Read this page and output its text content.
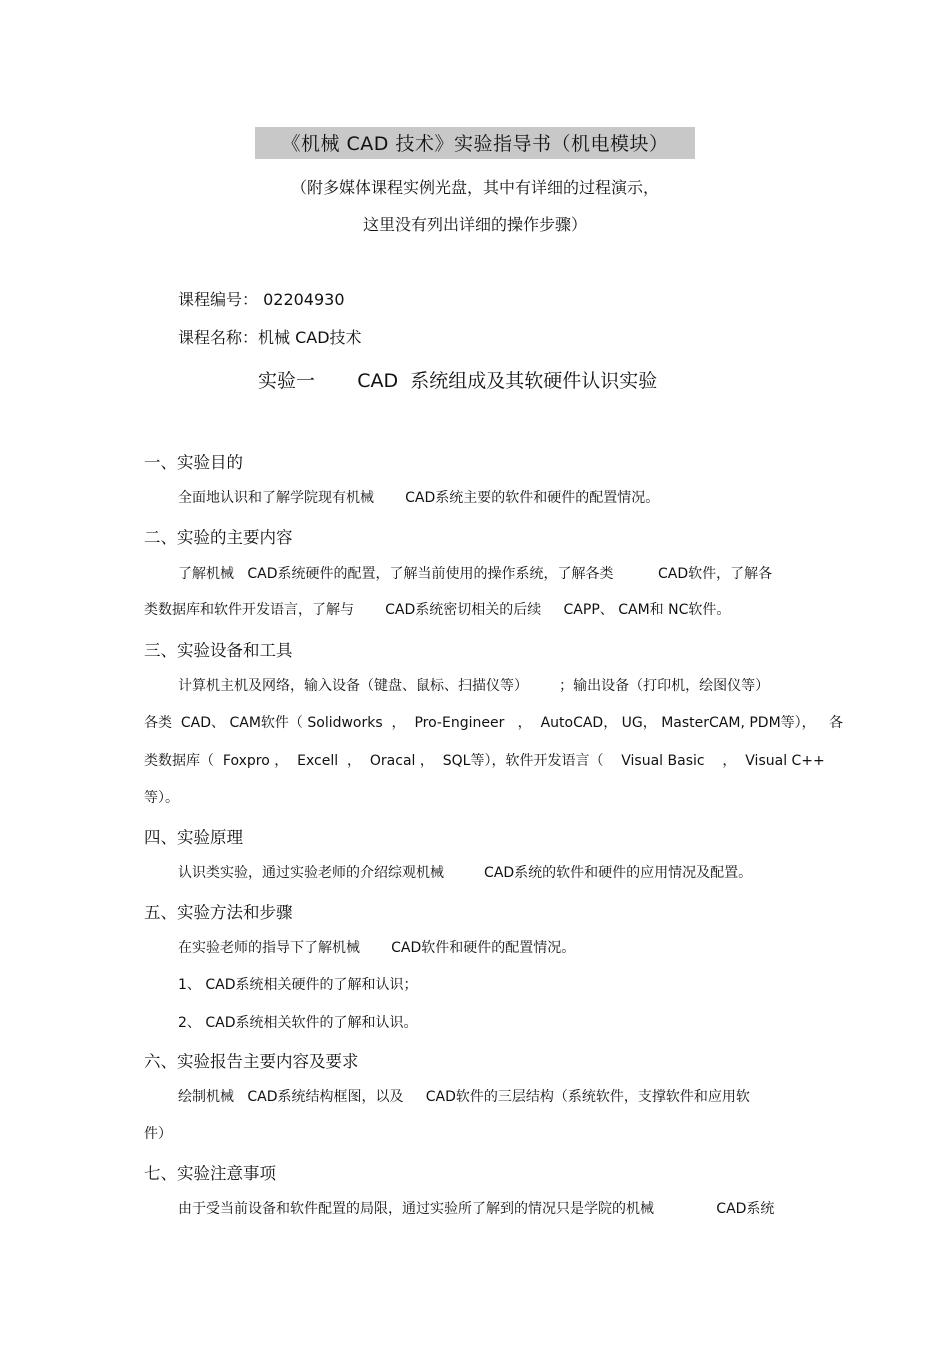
《机械 CAD 技术》实验指导书（机电模块）
（附多媒体课程实例光盘，其中有详细的过程演示，
这里没有列出详细的操作步骤）
课程编号： 02204930
课程名称：机械 CAD技术
实验一       CAD  系统组成及其软硬件认识实验
一、实验目的
全面地认识和了解学院现有机械       CAD系统主要的软件和硬件的配置情况。
二、实验的主要内容
了解机械   CAD系统硬件的配置，了解当前使用的操作系统，了解各类          CAD软件，了解各
类数据库和软件开发语言，了解与       CAD系统密切相关的后续     CAPP、 CAM和 NC软件。
三、实验设备和工具
计算机主机及网络，输入设备（键盘、鼠标、扫描仪等）       ；输出设备（打印机，绘图仪等）
各类  CAD、 CAM软件（ Solidworks  ，  Pro-Engineer   ，  AutoCAD， UG， MasterCAM, PDM等），   各
类数据库（  Foxpro ，  Excell  ，  Oracal ，  SQL等），软件开发语言（    Visual Basic    ，  Visual C++
等）。
四、实验原理
认识类实验，通过实验老师的介绍综观机械         CAD系统的软件和硬件的应用情况及配置。
五、实验方法和步骤
在实验老师的指导下了解机械       CAD软件和硬件的配置情况。
1、 CAD系统相关硬件的了解和认识；
2、 CAD系统相关软件的了解和认识。
六、实验报告主要内容及要求
绘制机械   CAD系统结构框图，以及     CAD软件的三层结构（系统软件，支撑软件和应用软
件）
七、实验注意事项
由于受当前设备和软件配置的局限，通过实验所了解到的情况只是学院的机械              CAD系统
